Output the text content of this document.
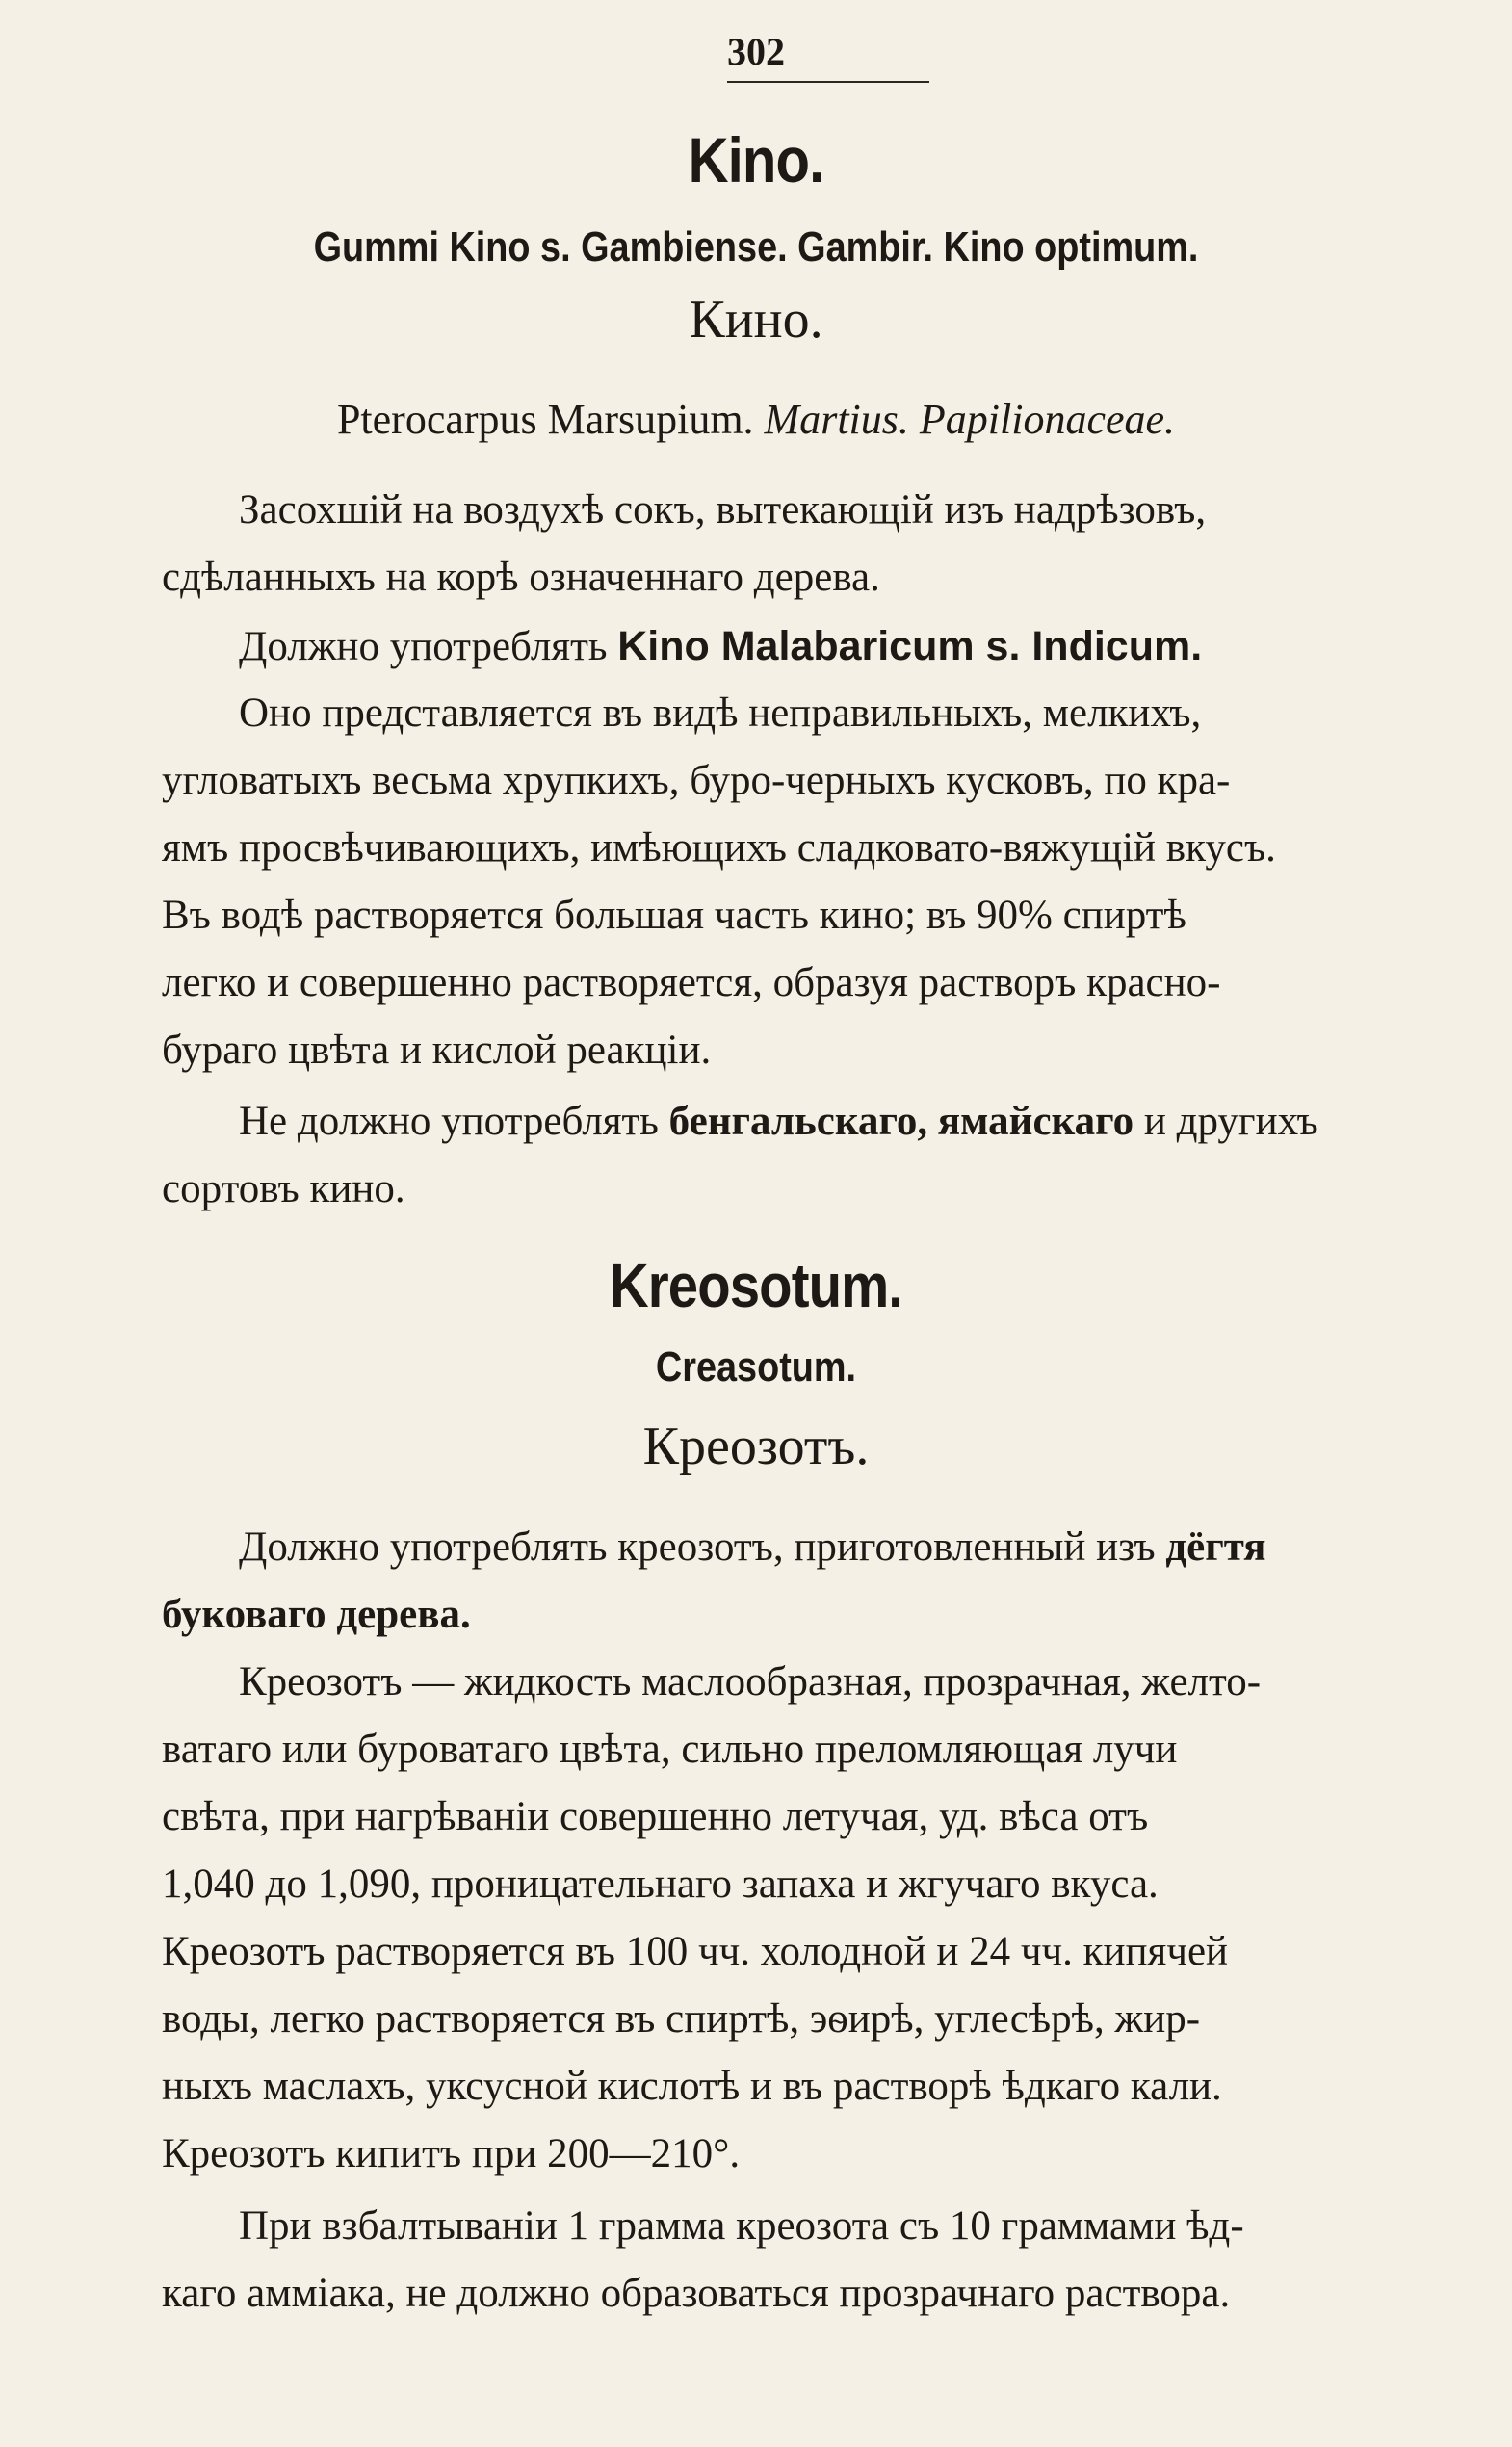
302
Kino.
Gummi Kino s. Gambiense. Gambir. Kino optimum.
Кино.
Pterocarpus Marsupium. Martius. Papilionaceae.
Засохшій на воздухѣ сокъ, вытекающій изъ надрѣзовъ,
сдѣланныхъ на корѣ означеннаго дерева.
Должно употреблять Kino Malabaricum s. Indicum.
Оно представляется въ видѣ неправильныхъ, мелкихъ,
угловатыхъ весьма хрупкихъ, буро-черныхъ кусковъ, по кра-
ямъ просвѣчивающихъ, имѣющихъ сладковато-вяжущій вкусъ.
Въ водѣ растворяется большая часть кино; въ 90% спиртѣ
легко и совершенно растворяется, образуя растворъ красно-
бураго цвѣта и кислой реакціи.
Не должно употреблять бенгальскаго, ямайскаго и другихъ
сортовъ кино.
Kreosotum.
Creasotum.
Креозотъ.
Должно употреблять креозотъ, приготовленный изъ дёгтя
буковаго дерева.
Креозотъ — жидкость маслообразная, прозрачная, желто-
ватаго или буроватаго цвѣта, сильно преломляющая лучи
свѣта, при нагрѣваніи совершенно летучая, уд. вѣса отъ
1,040 до 1,090, проницательнаго запаха и жгучаго вкуса.
Креозотъ растворяется въ 100 чч. холодной и 24 чч. кипячей
воды, легко растворяется въ спиртѣ, эѳирѣ, углесѣрѣ, жир-
ныхъ маслахъ, уксусной кислотѣ и въ растворѣ ѣдкаго кали.
Креозотъ кипитъ при 200—210°.
При взбалтываніи 1 грамма креозота съ 10 граммами ѣд-
каго амміака, не должно образоваться прозрачнаго раствора.
